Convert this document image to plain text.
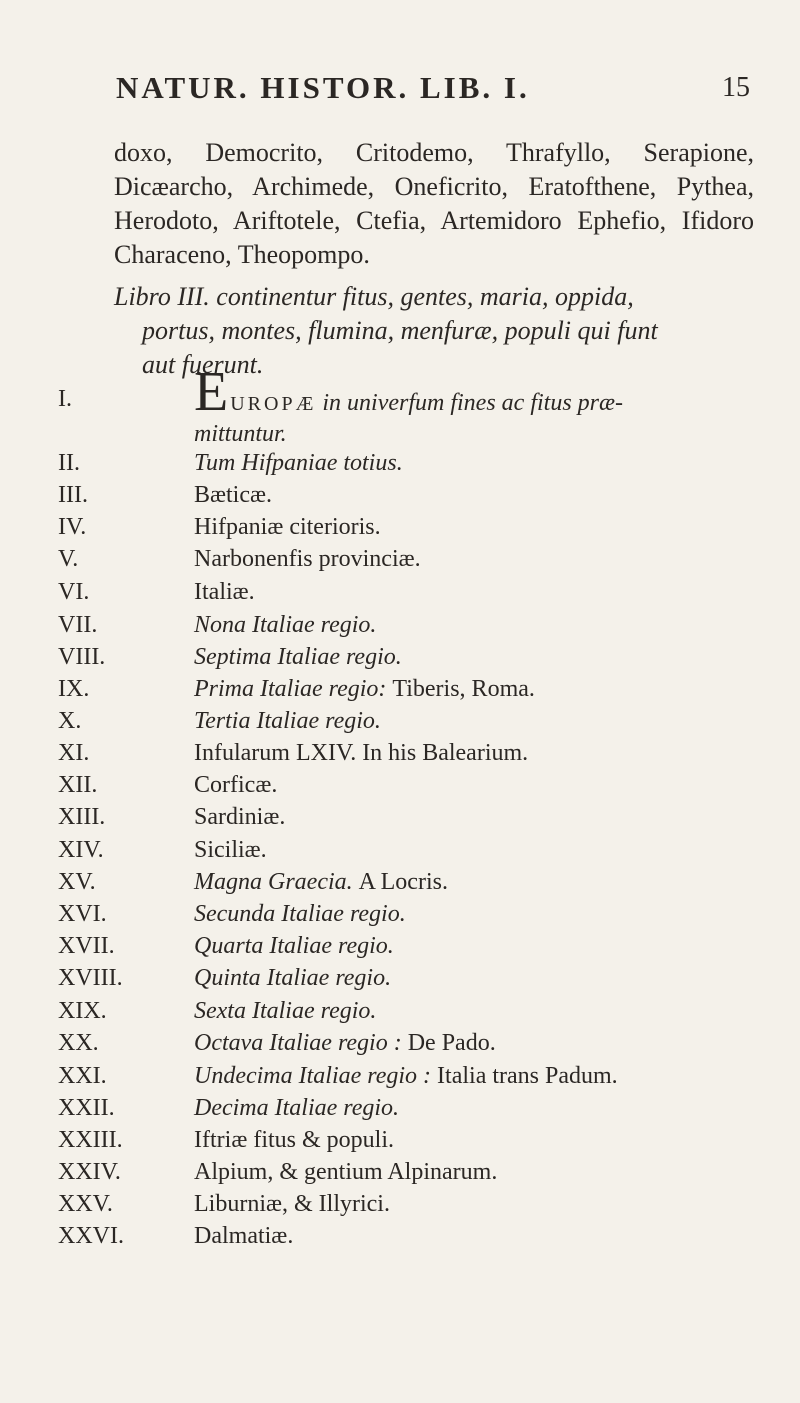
NATUR. HISTOR. LIB. I.	15
doxo, Democrito, Critodemo, Thrafyllo, Serapione, Dicæarcho, Archimede, Oneficrito, Eratofthene, Pythea, Herodoto, Ariftotele, Ctefia, Artemidoro Ephefio, Ifidoro Characeno, Theopompo.
Libro III. continentur fitus, gentes, maria, oppida,
portus, montes, flumina, menfuræ, populi qui funt
aut fuerunt.
I.	EUROPÆ in univerfum fines ac fitus præ-
mittuntur.
II.	Tum Hifpaniae totius.
III.	Bæticæ.
IV.	Hifpaniæ citerioris.
V.	Narbonenfis provinciæ.
VI.	Italiæ.
VII.	Nona Italiae regio.
VIII.	Septima Italiae regio.
IX.	Prima Italiae regio: Tiberis, Roma.
X.	Tertia Italiae regio.
XI.	Infularum LXIV. In his Balearium.
XII.	Corficæ.
XIII.	Sardiniæ.
XIV.	Siciliæ.
XV.	Magna Graecia. A Locris.
XVI.	Secunda Italiae regio.
XVII.	Quarta Italiae regio.
XVIII.	Quinta Italiae regio.
XIX.	Sexta Italiae regio.
XX.	Octava Italiae regio : De Pado.
XXI.	Undecima Italiae regio : Italia trans Padum.
XXII.	Decima Italiae regio.
XXIII.	Iftriæ fitus & populi.
XXIV.	Alpium, & gentium Alpinarum.
XXV.	Liburniæ, & Illyrici.
XXVI.	Dalmatiæ.
